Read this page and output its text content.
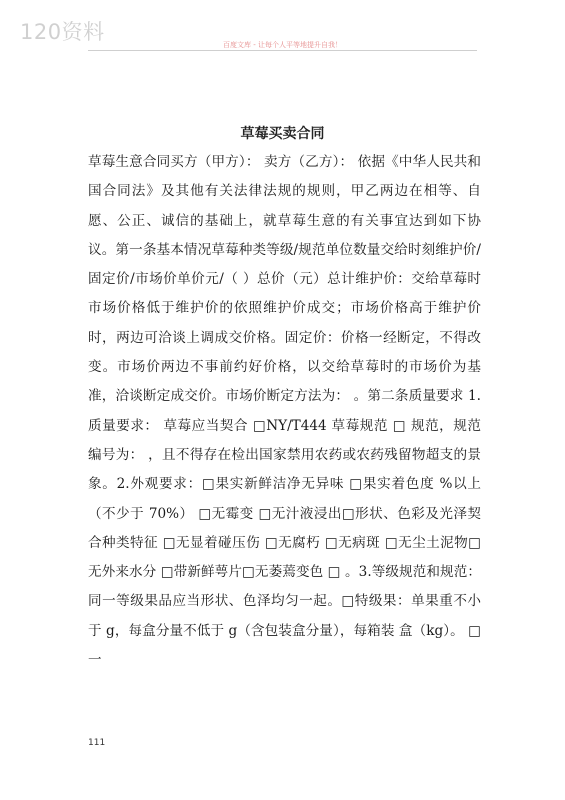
120资料
百度文库 - 让每个人平等地提升自我！
草莓买卖合同
草莓生意合同买方（甲方）： 卖方（乙方）： 依据《中华人民共和国合同法》及其他有关法律法规的规则，甲乙两边在相等、自愿、公正、诚信的基础上，就草莓生意的有关事宜达到如下协议。第一条基本情况草莓种类等级/规范单位数量交给时刻维护价/固定价/市场价单价元/（ ）总价（元）总计维护价：交给草莓时市场价格低于维护价的依照维护价成交；市场价格高于维护价时，两边可洽谈上调成交价格。固定价：价格一经断定，不得改变。市场价两边不事前约好价格，以交给草莓时的市场价为基准，洽谈断定成交价。市场价断定方法为： 。第二条质量要求 1.质量要求： 草莓应当契合 □NY/T444 草莓规范 □ 规范，规范编号为： ，且不得存在检出国家禁用农药或农药残留物超支的景象。2.外观要求：□果实新鲜洁净无异味 □果实着色度 %以上（不少于 70%） □无霉变 □无汁液浸出□形状、色彩及光泽契合种类特征 □无显着碰压伤 □无腐朽 □无病斑 □无尘土泥物□无外来水分 □带新鲜萼片□无萎蔫变色 □ 。3.等级规范和规范：同一等级果品应当形状、色泽均匀一起。□特级果：单果重不小于 g，每盒分量不低于 g（含包装盒分量），每箱装 盒（kg）。 □一
111
